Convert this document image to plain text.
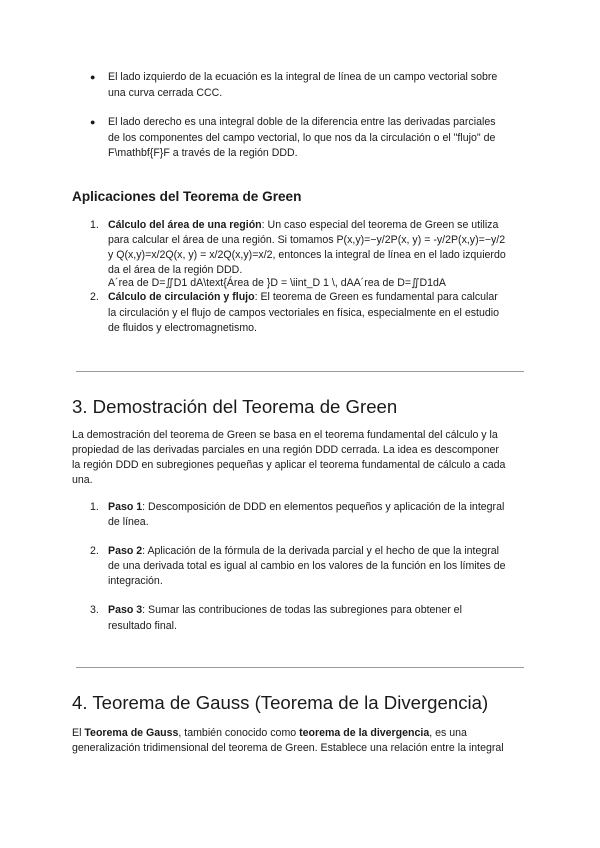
● El lado izquierdo de la ecuación es la integral de línea de un campo vectorial sobre
una curva cerrada CCC.
● El lado derecho es una integral doble de la diferencia entre las derivadas parciales
de los componentes del campo vectorial, lo que nos da la circulación o el "flujo" de
F\mathbf{F}F a través de la región DDD.
Aplicaciones del Teorema de Green
1. Cálculo del área de una región: Un caso especial del teorema de Green se utiliza
para calcular el área de una región. Si tomamos P(x,y)=−y/2P(x, y) = -y/2P(x,y)=−y/2
y Q(x,y)=x/2Q(x, y) = x/2Q(x,y)=x/2, entonces la integral de línea en el lado izquierdo
da el área de la región DDD.
A´rea de D=∬D1 dA\text{Área de }D = \iint_D 1 \, dAA´rea de D=∬D1dA
2. Cálculo de circulación y flujo: El teorema de Green es fundamental para calcular
la circulación y el flujo de campos vectoriales en física, especialmente en el estudio
de fluidos y electromagnetismo.
3. Demostración del Teorema de Green
La demostración del teorema de Green se basa en el teorema fundamental del cálculo y la
propiedad de las derivadas parciales en una región DDD cerrada. La idea es descomponer
la región DDD en subregiones pequeñas y aplicar el teorema fundamental de cálculo a cada
una.
1. Paso 1: Descomposición de DDD en elementos pequeños y aplicación de la integral
de línea.
2. Paso 2: Aplicación de la fórmula de la derivada parcial y el hecho de que la integral
de una derivada total es igual al cambio en los valores de la función en los límites de
integración.
3. Paso 3: Sumar las contribuciones de todas las subregiones para obtener el
resultado final.
4. Teorema de Gauss (Teorema de la Divergencia)
El Teorema de Gauss, también conocido como teorema de la divergencia, es una
generalización tridimensional del teorema de Green. Establece una relación entre la integral
